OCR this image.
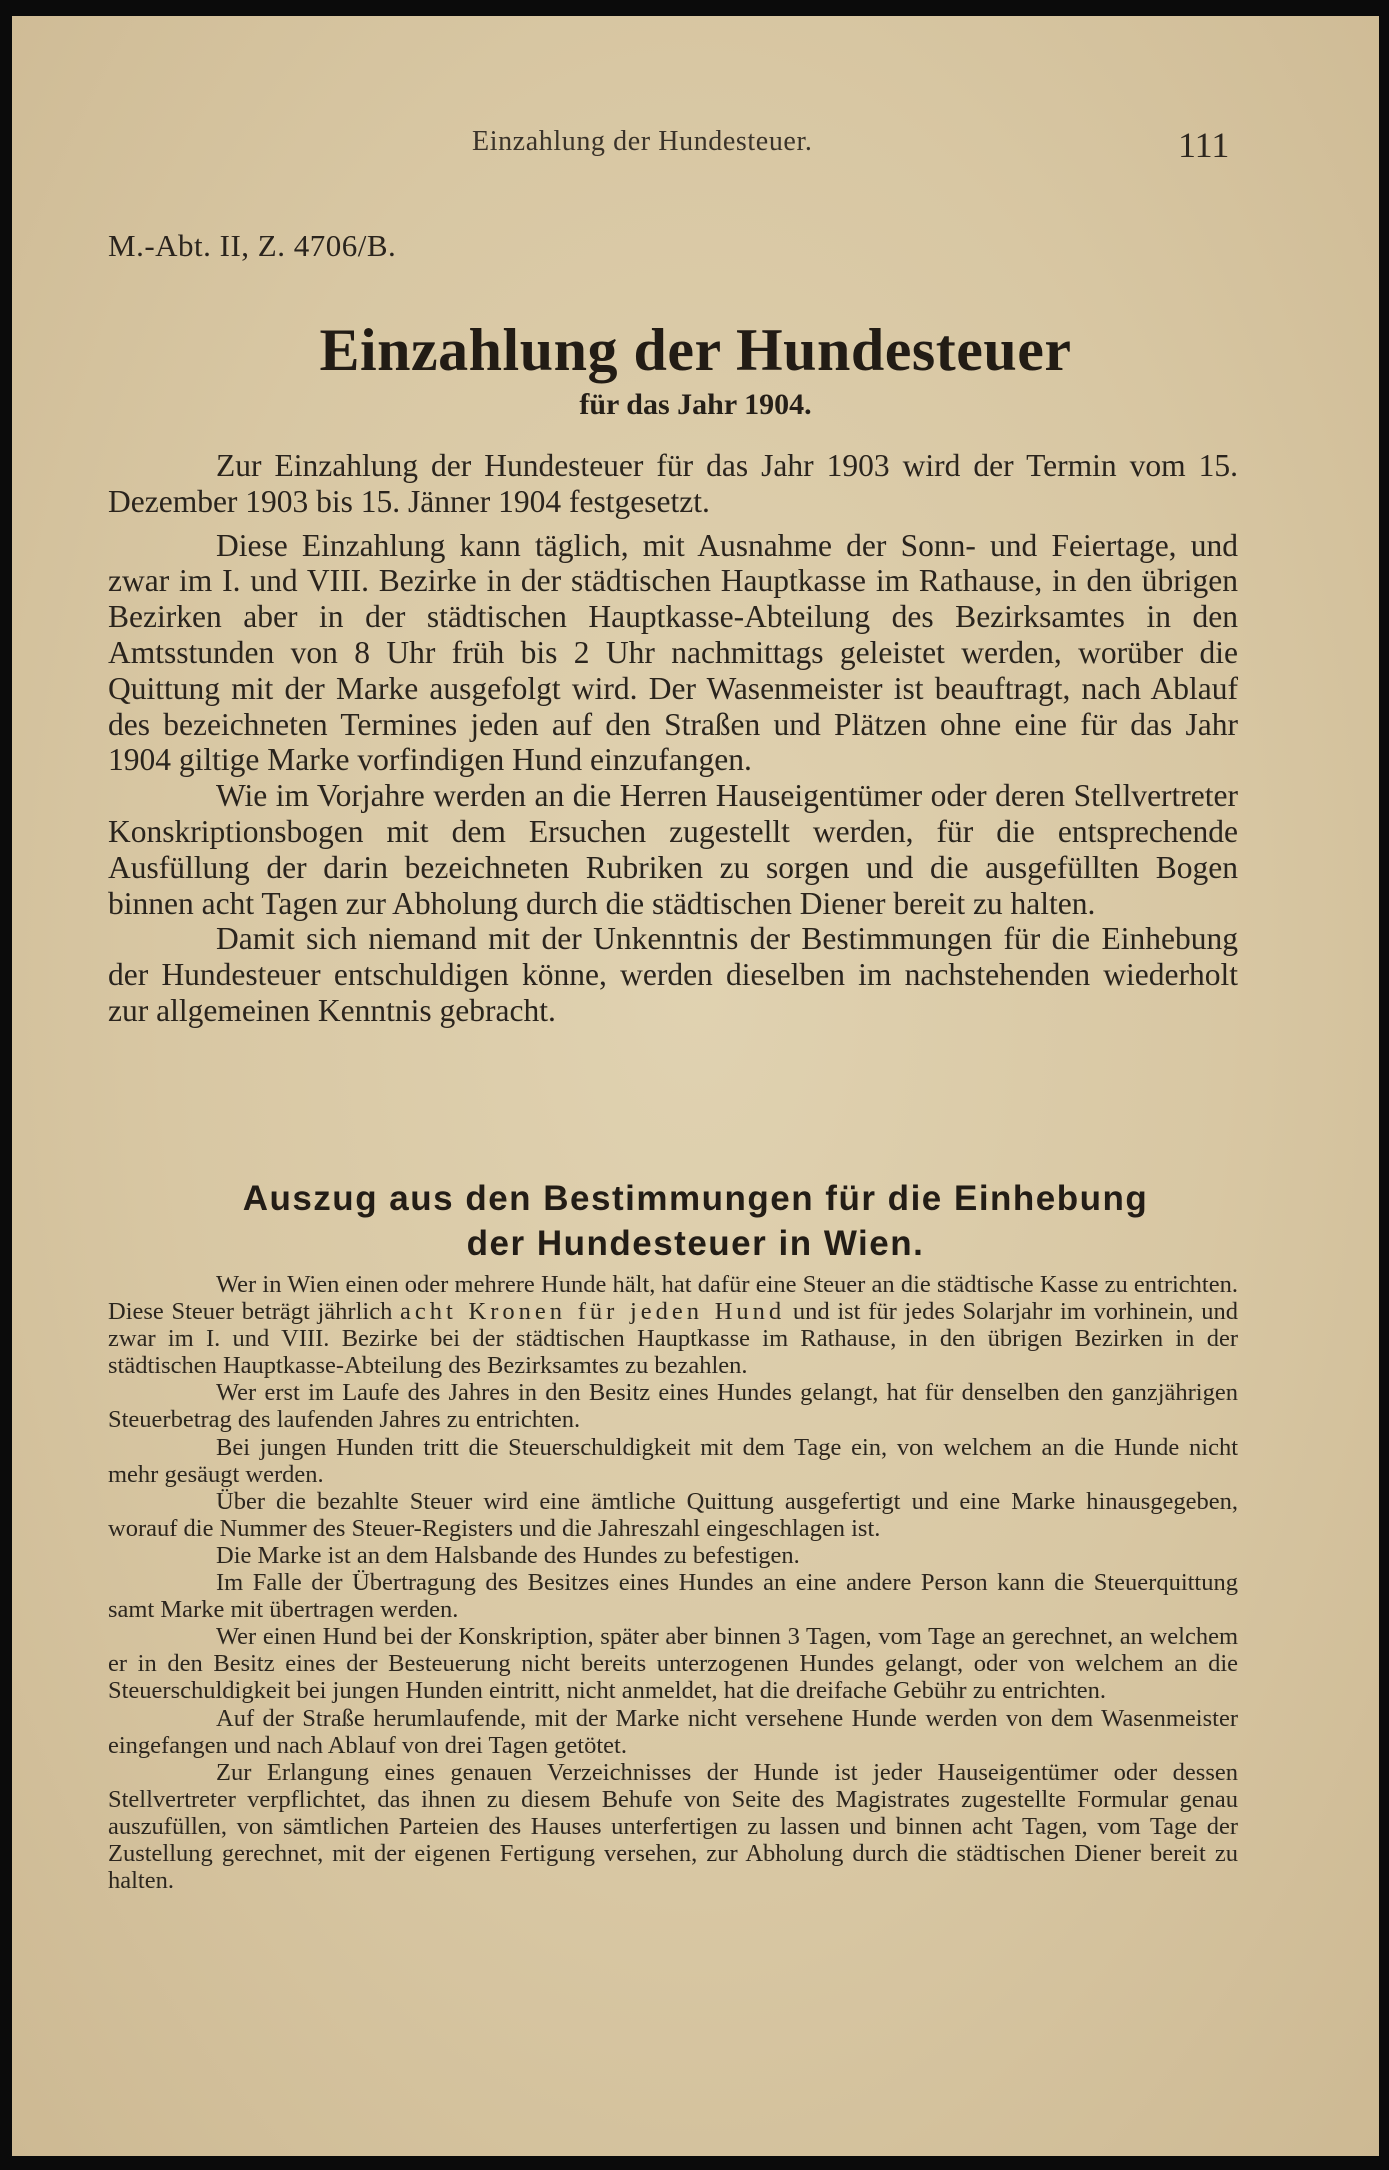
Einzahlung der Hundesteuer.	111
M.-Abt. II, Z. 4706/B.
Einzahlung der Hundesteuer
für das Jahr 1904.

Zur Einzahlung der Hundesteuer für das Jahr 1903 wird der Termin vom 15. Dezember 1903 bis 15. Jänner 1904 festgesetzt.

Diese Einzahlung kann täglich, mit Ausnahme der Sonn- und Feiertage, und zwar im I. und VIII. Bezirke in der städtischen Hauptkasse im Rathause, in den übrigen Bezirken aber in der städtischen Hauptkasse-Abteilung des Bezirksamtes in den Amtsstunden von 8 Uhr früh bis 2 Uhr nachmittags geleistet werden, worüber die Quittung mit der Marke ausgefolgt wird. Der Wasenmeister ist beauftragt, nach Ablauf des bezeichneten Termines jeden auf den Straßen und Plätzen ohne eine für das Jahr 1904 giltige Marke vorfindigen Hund einzufangen.

Wie im Vorjahre werden an die Herren Hauseigentümer oder deren Stellvertreter Konskriptionsbogen mit dem Ersuchen zugestellt werden, für die entsprechende Ausfüllung der darin bezeichneten Rubriken zu sorgen und die ausgefüllten Bogen binnen acht Tagen zur Abholung durch die städtischen Diener bereit zu halten.

Damit sich niemand mit der Unkenntnis der Bestimmungen für die Einhebung der Hundesteuer entschuldigen könne, werden dieselben im nachstehenden wiederholt zur allgemeinen Kenntnis gebracht.

Auszug aus den Bestimmungen für die Einhebung
der Hundesteuer in Wien.

Wer in Wien einen oder mehrere Hunde hält, hat dafür eine Steuer an die städtische Kasse zu entrichten. Diese Steuer beträgt jährlich acht Kronen für jeden Hund und ist für jedes Solarjahr im vorhinein, und zwar im I. und VIII. Bezirke bei der städtischen Hauptkasse im Rathause, in den übrigen Bezirken in der städtischen Hauptkasse-Abteilung des Bezirksamtes zu bezahlen.

Wer erst im Laufe des Jahres in den Besitz eines Hundes gelangt, hat für denselben den ganzjährigen Steuerbetrag des laufenden Jahres zu entrichten.

Bei jungen Hunden tritt die Steuerschuldigkeit mit dem Tage ein, von welchem an die Hunde nicht mehr gesäugt werden.

Über die bezahlte Steuer wird eine ämtliche Quittung ausgefertigt und eine Marke hinausgegeben, worauf die Nummer des Steuer-Registers und die Jahreszahl eingeschlagen ist.

Die Marke ist an dem Halsbande des Hundes zu befestigen.

Im Falle der Übertragung des Besitzes eines Hundes an eine andere Person kann die Steuerquittung samt Marke mit übertragen werden.

Wer einen Hund bei der Konskription, später aber binnen 3 Tagen, vom Tage an gerechnet, an welchem er in den Besitz eines der Besteuerung nicht bereits unterzogenen Hundes gelangt, oder von welchem an die Steuerschuldigkeit bei jungen Hunden eintritt, nicht anmeldet, hat die dreifache Gebühr zu entrichten.

Auf der Straße herumlaufende, mit der Marke nicht versehene Hunde werden von dem Wasenmeister eingefangen und nach Ablauf von drei Tagen getötet.

Zur Erlangung eines genauen Verzeichnisses der Hunde ist jeder Hauseigentümer oder dessen Stellvertreter verpflichtet, das ihnen zu diesem Behufe von Seite des Magistrates zugestellte Formular genau auszufüllen, von sämtlichen Parteien des Hauses unterfertigen zu lassen und binnen acht Tagen, vom Tage der Zustellung gerechnet, mit der eigenen Fertigung versehen, zur Abholung durch die städtischen Diener bereit zu halten.
